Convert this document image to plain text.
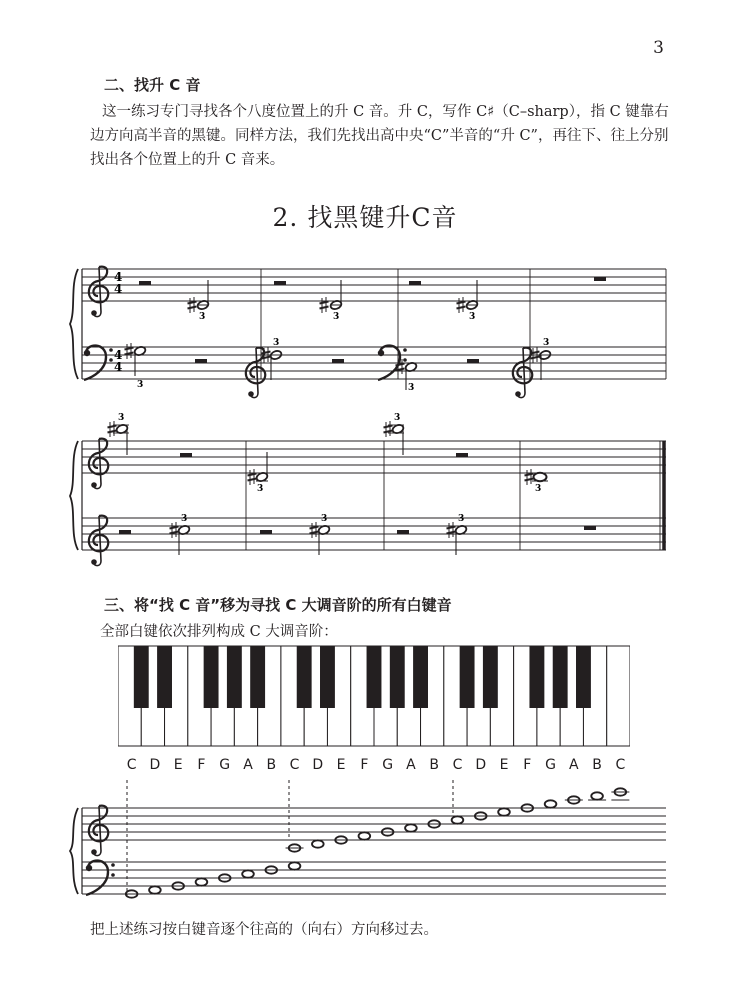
3
二、找升 C 音
这一练习专门寻找各个八度位置上的升 C 音。升 C，写作 C♯（C–sharp），指 C 键靠右边方向高半音的黑键。同样方法，我们先找出高中央“C”半音的“升 C”，再往下、往上分别找出各个位置上的升 C 音来。
2. 找黑键升C音
4
4
4
4
3
3
3
3
3
3
3
3
3
3
3
3
3
3
三、将“找 C 音”移为寻找 C 大调音阶的所有白键音
全部白键依次排列构成 C 大调音阶：
C D E	F G A B C D E	F G A B C D E	F G A B C
把上述练习按白键音逐个往高的（向右）方向移过去。
